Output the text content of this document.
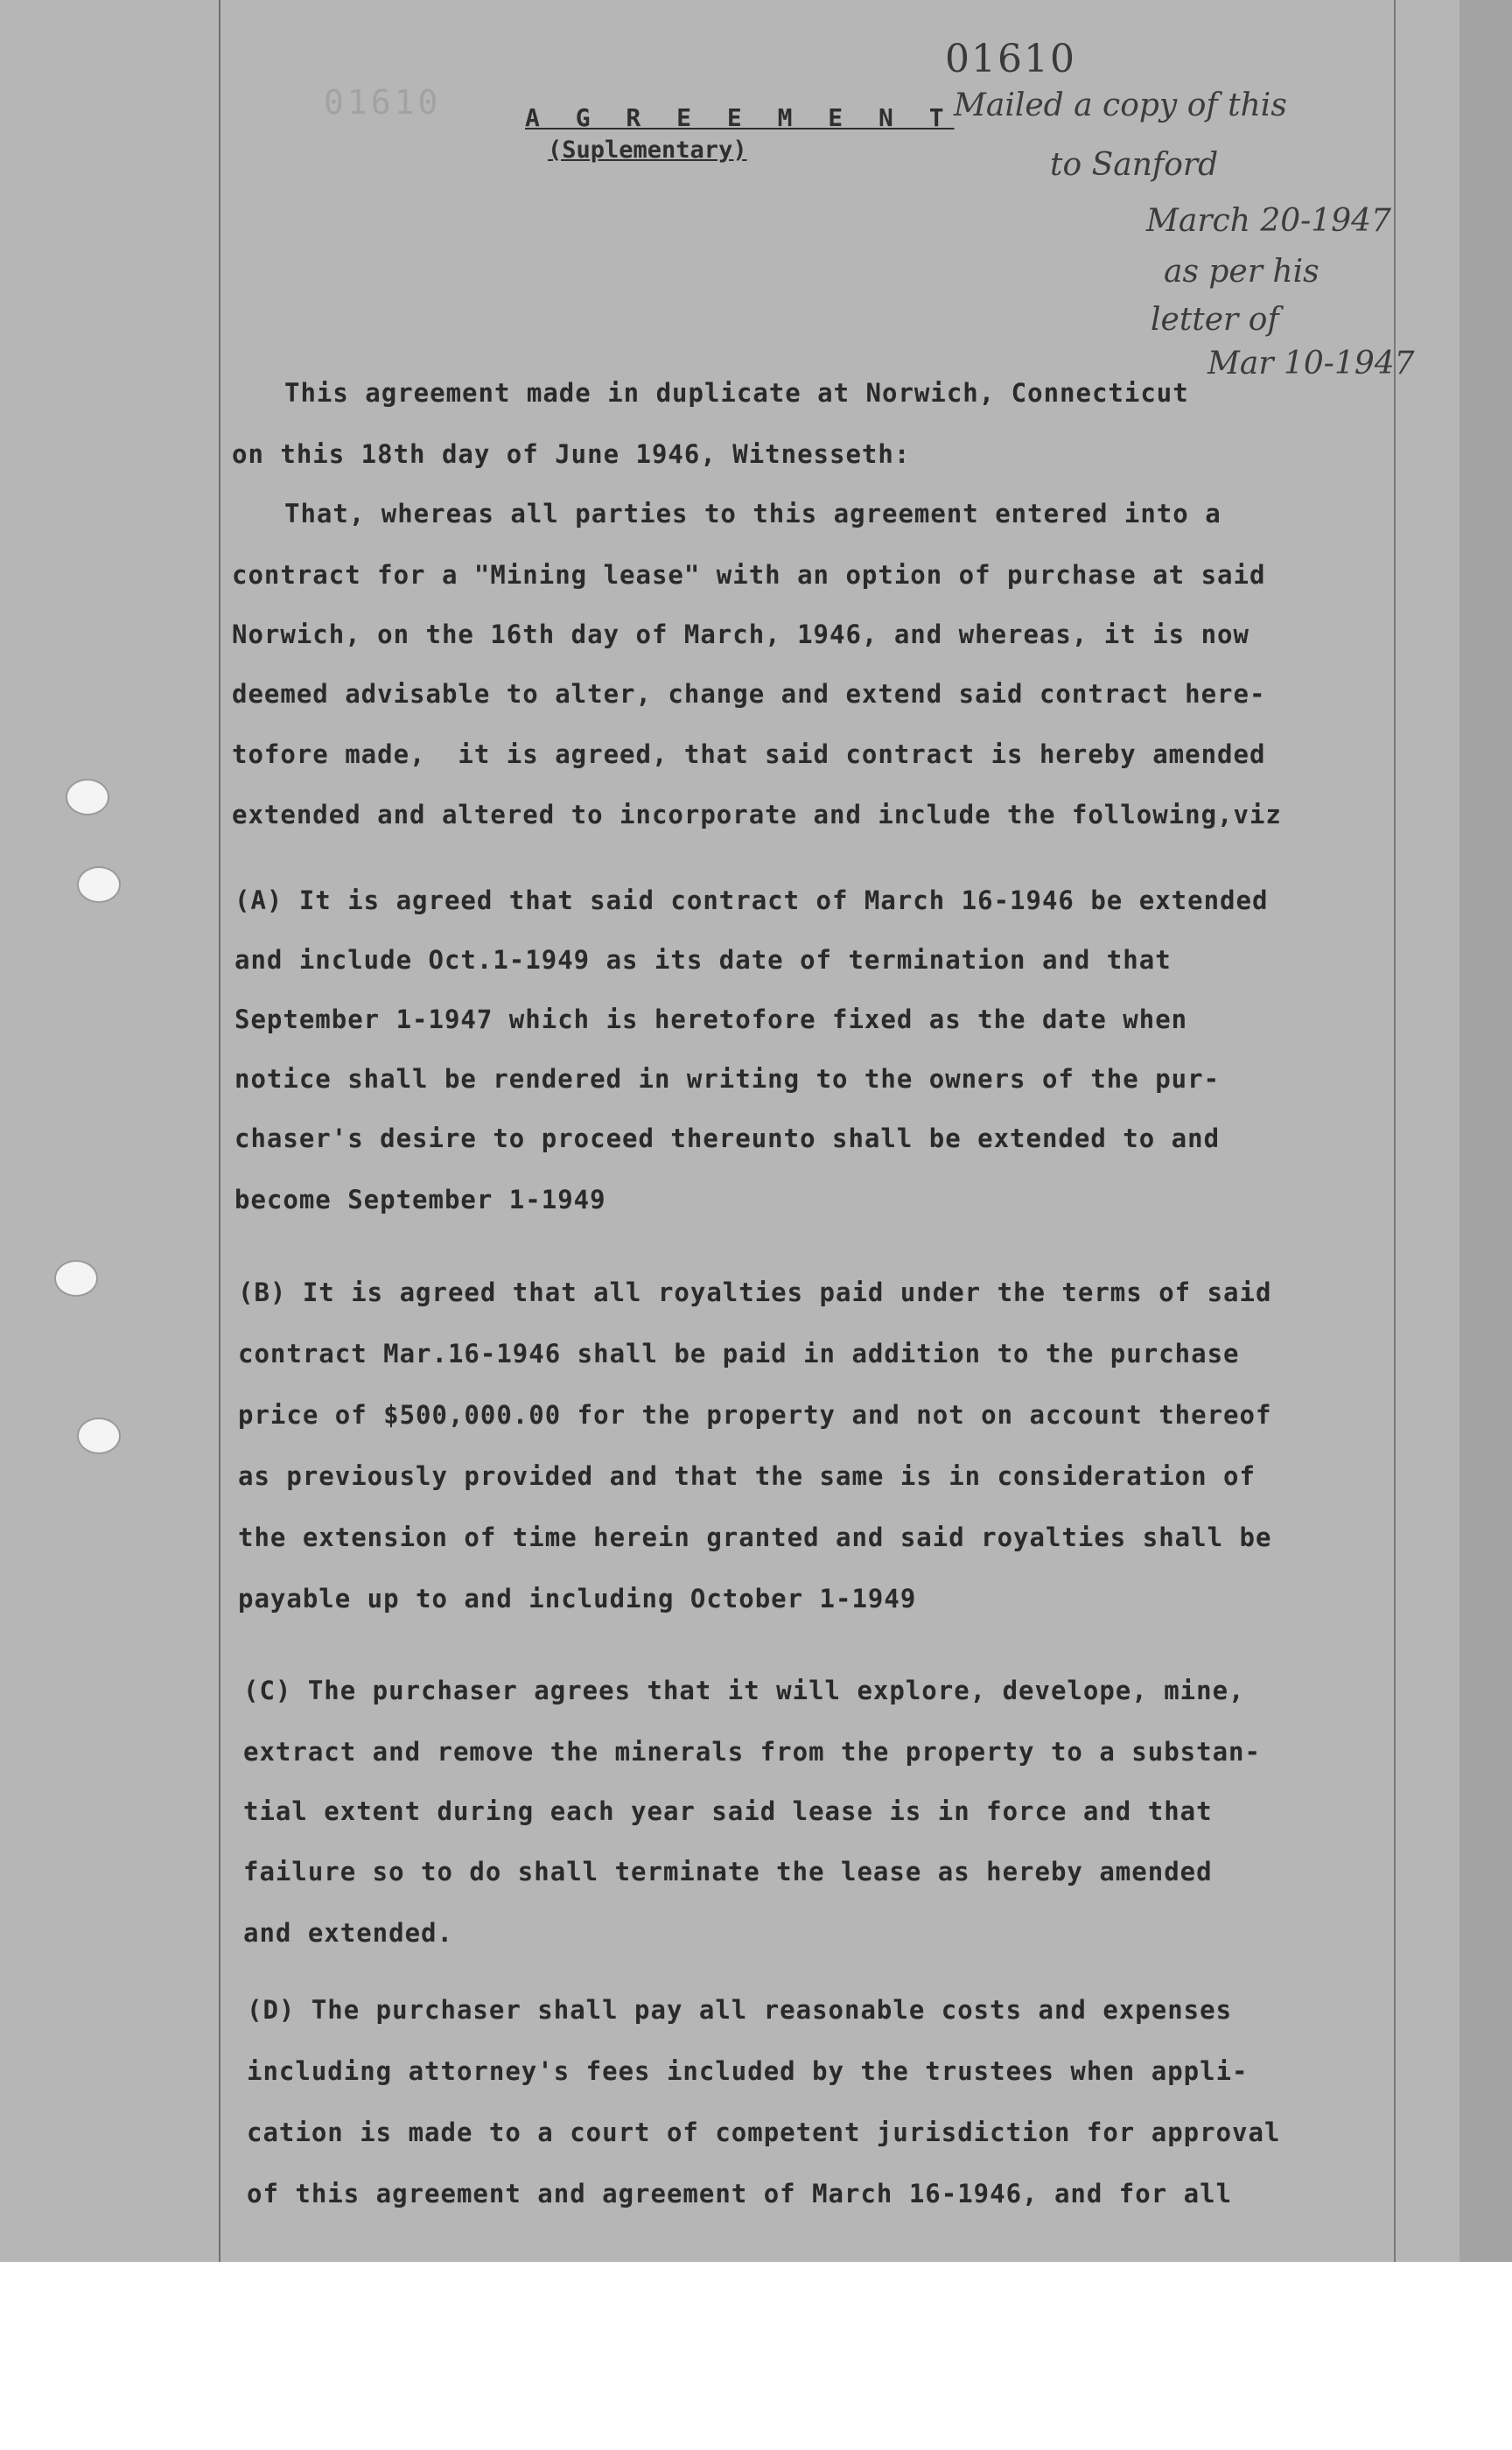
01610
01610
A G R E E M E N T
(Suplementary)
Mailed a copy of this
to Sanford
March 20-1947
as per his
letter of
Mar 10-1947
This agreement made in duplicate at Norwich, Connecticut
on this 18th day of June 1946, Witnesseth:
That, whereas all parties to this agreement entered into a
contract for a "Mining lease" with an option of purchase at said
Norwich, on the 16th day of March, 1946, and whereas, it is now
deemed advisable to alter, change and extend said contract here-
tofore made,  it is agreed, that said contract is hereby amended
extended and altered to incorporate and include the following,viz
(A) It is agreed that said contract of March 16-1946 be extended
and include Oct.1-1949 as its date of termination and that
September 1-1947 which is heretofore fixed as the date when
notice shall be rendered in writing to the owners of the pur-
chaser's desire to proceed thereunto shall be extended to and
become September 1-1949
(B) It is agreed that all royalties paid under the terms of said
contract Mar.16-1946 shall be paid in addition to the purchase
price of $500,000.00 for the property and not on account thereof
as previously provided and that the same is in consideration of
the extension of time herein granted and said royalties shall be
payable up to and including October 1-1949
(C) The purchaser agrees that it will explore, develope, mine,
extract and remove the minerals from the property to a substan-
tial extent during each year said lease is in force and that
failure so to do shall terminate the lease as hereby amended
and extended.
(D) The purchaser shall pay all reasonable costs and expenses
including attorney's fees included by the trustees when appli-
cation is made to a court of competent jurisdiction for approval
of this agreement and agreement of March 16-1946, and for all
